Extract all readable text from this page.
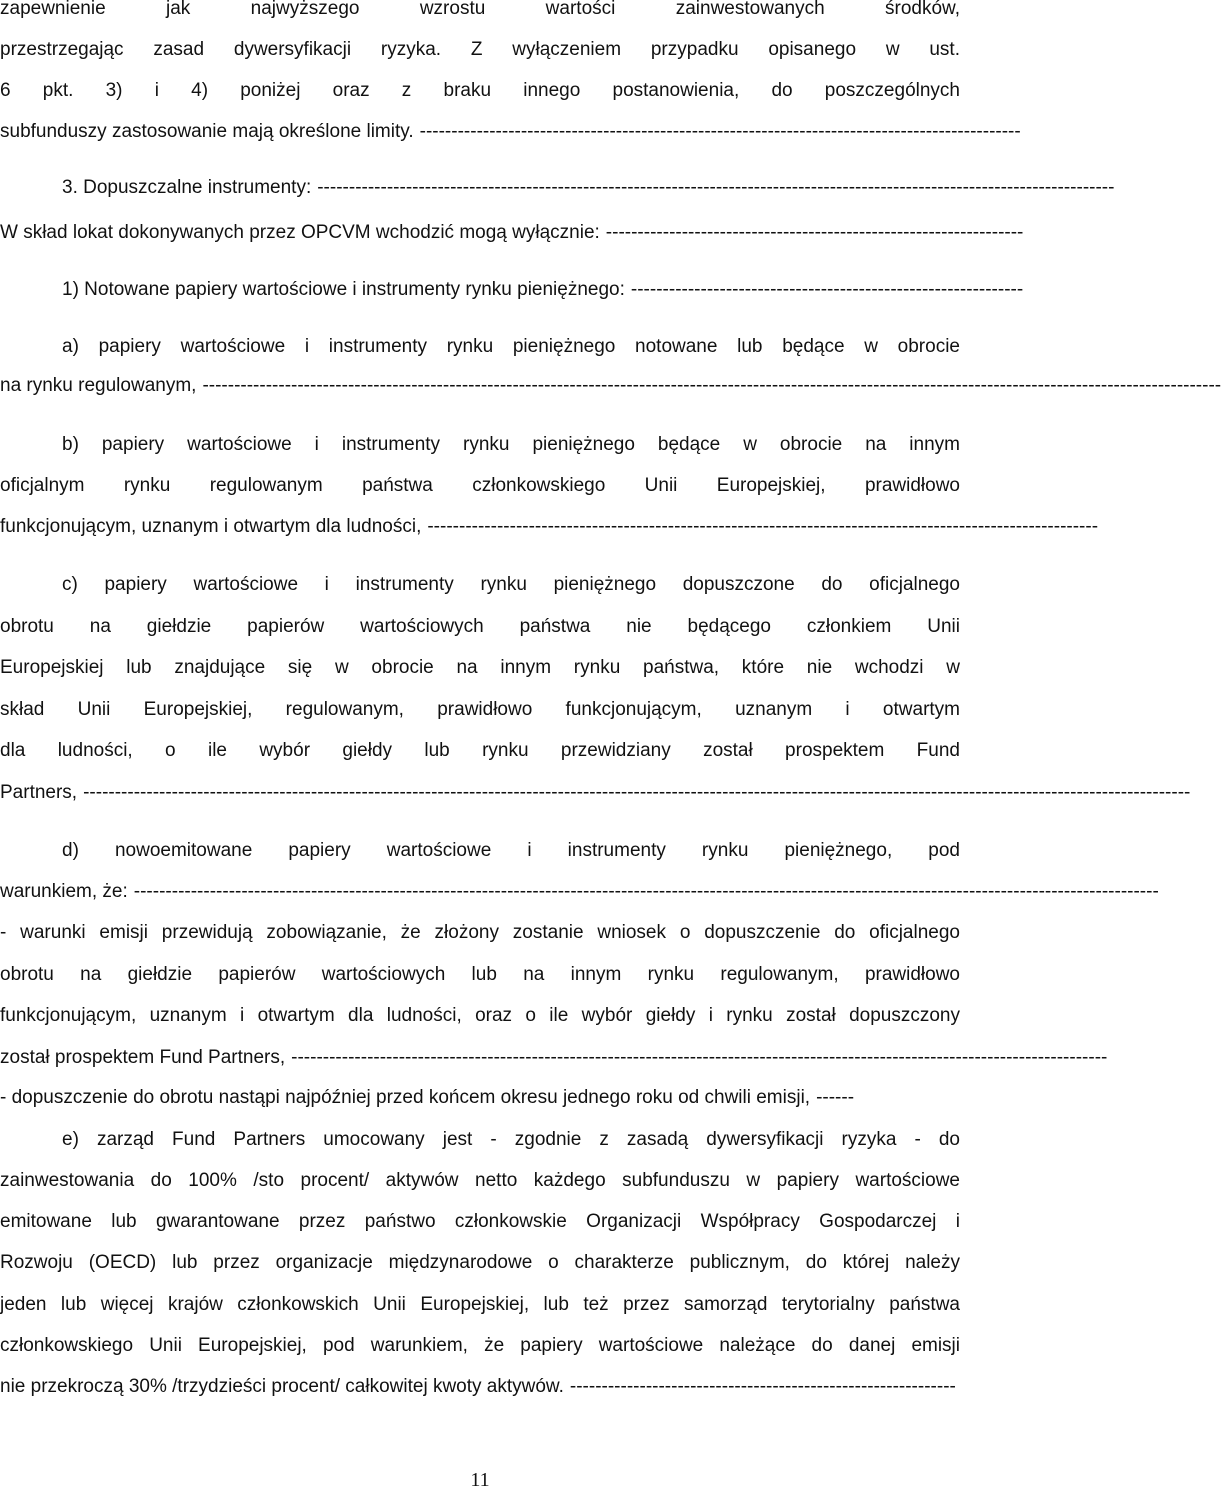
zapewnienie jak najwyższego wzrostu wartości zainwestowanych środków,
przestrzegając zasad dywersyfikacji ryzyka. Z wyłączeniem przypadku opisanego w ust.
6 pkt. 3) i 4) poniżej oraz z braku innego postanowienia, do poszczególnych
subfunduszy zastosowanie mają określone limity. -----------------------------------------------------------------------------------------------
3. Dopuszczalne instrumenty: ------------------------------------------------------------------------------------------------------------------------------
W skład lokat dokonywanych przez OPCVM wchodzić mogą wyłącznie: ------------------------------------------------------------------
1) Notowane papiery wartościowe i instrumenty rynku pieniężnego: --------------------------------------------------------------
a) papiery wartościowe i instrumenty rynku pieniężnego notowane lub będące w obrocie
na rynku regulowanym, -----------------------------------------------------------------------------------------------------------------------------------------------------------------
b) papiery wartościowe i instrumenty rynku pieniężnego będące w obrocie na innym
oficjalnym rynku regulowanym państwa członkowskiego Unii Europejskiej, prawidłowo
funkcjonującym, uznanym i otwartym dla ludności, ----------------------------------------------------------------------------------------------------------
c) papiery wartościowe i instrumenty rynku pieniężnego dopuszczone do oficjalnego
obrotu na giełdzie papierów wartościowych państwa nie będącego członkiem Unii
Europejskiej lub znajdujące się w obrocie na innym rynku państwa, które nie wchodzi w
skład Unii Europejskiej, regulowanym, prawidłowo funkcjonującym, uznanym i otwartym
dla ludności, o ile wybór giełdy lub rynku przewidziany został prospektem Fund
Partners, -------------------------------------------------------------------------------------------------------------------------------------------------------------------------------
d) nowoemitowane papiery wartościowe i instrumenty rynku pieniężnego, pod
warunkiem, że: ------------------------------------------------------------------------------------------------------------------------------------------------------------------
- warunki emisji przewidują zobowiązanie, że złożony zostanie wniosek o dopuszczenie do oficjalnego
obrotu na giełdzie papierów wartościowych lub na innym rynku regulowanym, prawidłowo
funkcjonującym, uznanym i otwartym dla ludności, oraz o ile wybór giełdy i rynku został dopuszczony
został prospektem Fund Partners, ---------------------------------------------------------------------------------------------------------------------------------
- dopuszczenie do obrotu nastąpi najpóźniej przed końcem okresu jednego roku od chwili emisji, ------
e) zarząd Fund Partners umocowany jest - zgodnie z zasadą dywersyfikacji ryzyka - do
zainwestowania do 100% /sto procent/ aktywów netto każdego subfunduszu w papiery wartościowe
emitowane lub gwarantowane przez państwo członkowskie Organizacji Współpracy Gospodarczej i
Rozwoju (OECD) lub przez organizacje międzynarodowe o charakterze publicznym, do której należy
jeden lub więcej krajów członkowskich Unii Europejskiej, lub też przez samorząd terytorialny państwa
członkowskiego Unii Europejskiej, pod warunkiem, że papiery wartościowe należące do danej emisji
nie przekroczą 30% /trzydzieści procent/ całkowitej kwoty aktywów. -------------------------------------------------------------
11
